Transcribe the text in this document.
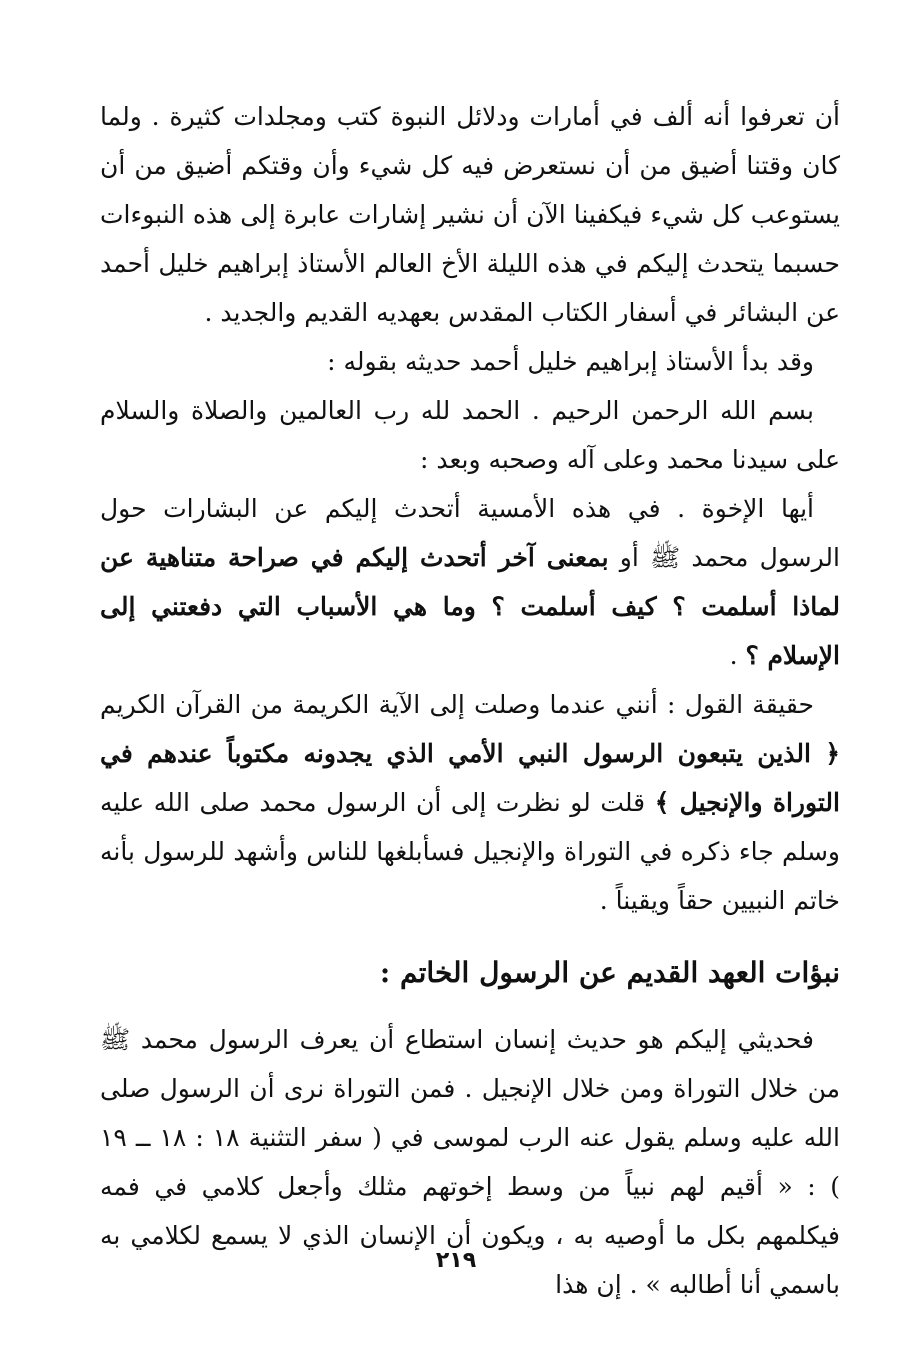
أن تعرفوا أنه ألف في أمارات ودلائل النبوة كتب ومجلدات كثيرة . ولما كان وقتنا أضيق من أن نستعرض فيه كل شيء وأن وقتكم أضيق من أن يستوعب كل شيء فيكفينا الآن أن نشير إشارات عابرة إلى هذه النبوءات حسبما يتحدث إليكم في هذه الليلة الأخ العالم الأستاذ إبراهيم خليل أحمد عن البشائر في أسفار الكتاب المقدس بعهديه القديم والجديد .

وقد بدأ الأستاذ إبراهيم خليل أحمد حديثه بقوله :

بسم الله الرحمن الرحيم . الحمد لله رب العالمين والصلاة والسلام على سيدنا محمد وعلى آله وصحبه وبعد :

أيها الإخوة . في هذه الأمسية أتحدث إليكم عن البشارات حول الرسول محمد ﷺ أو بمعنى آخر أتحدث إليكم في صراحة متناهية عن لماذا أسلمت ؟ كيف أسلمت ؟ وما هي الأسباب التي دفعتني إلى الإسلام ؟ .

حقيقة القول : أنني عندما وصلت إلى الآية الكريمة من القرآن الكريم ﴿ الذين يتبعون الرسول النبي الأمي الذي يجدونه مكتوباً عندهم في التوراة والإنجيل ﴾ قلت لو نظرت إلى أن الرسول محمد صلى الله عليه وسلم جاء ذكره في التوراة والإنجيل فسأبلغها للناس وأشهد للرسول بأنه خاتم النبيين حقاً ويقيناً .

نبؤات العهد القديم عن الرسول الخاتم :

فحديثي إليكم هو حديث إنسان استطاع أن يعرف الرسول محمد ﷺ من خلال التوراة ومن خلال الإنجيل . فمن التوراة نرى أن الرسول صلى الله عليه وسلم يقول عنه الرب لموسى في ( سفر التثنية ١٨ : ١٨ ــ ١٩ ) : « أقيم لهم نبياً من وسط إخوتهم مثلك وأجعل كلامي في فمه فيكلمهم بكل ما أوصيه به ، ويكون أن الإنسان الذي لا يسمع لكلامي به باسمي أنا أطالبه » . إن هذا

٢١٩
